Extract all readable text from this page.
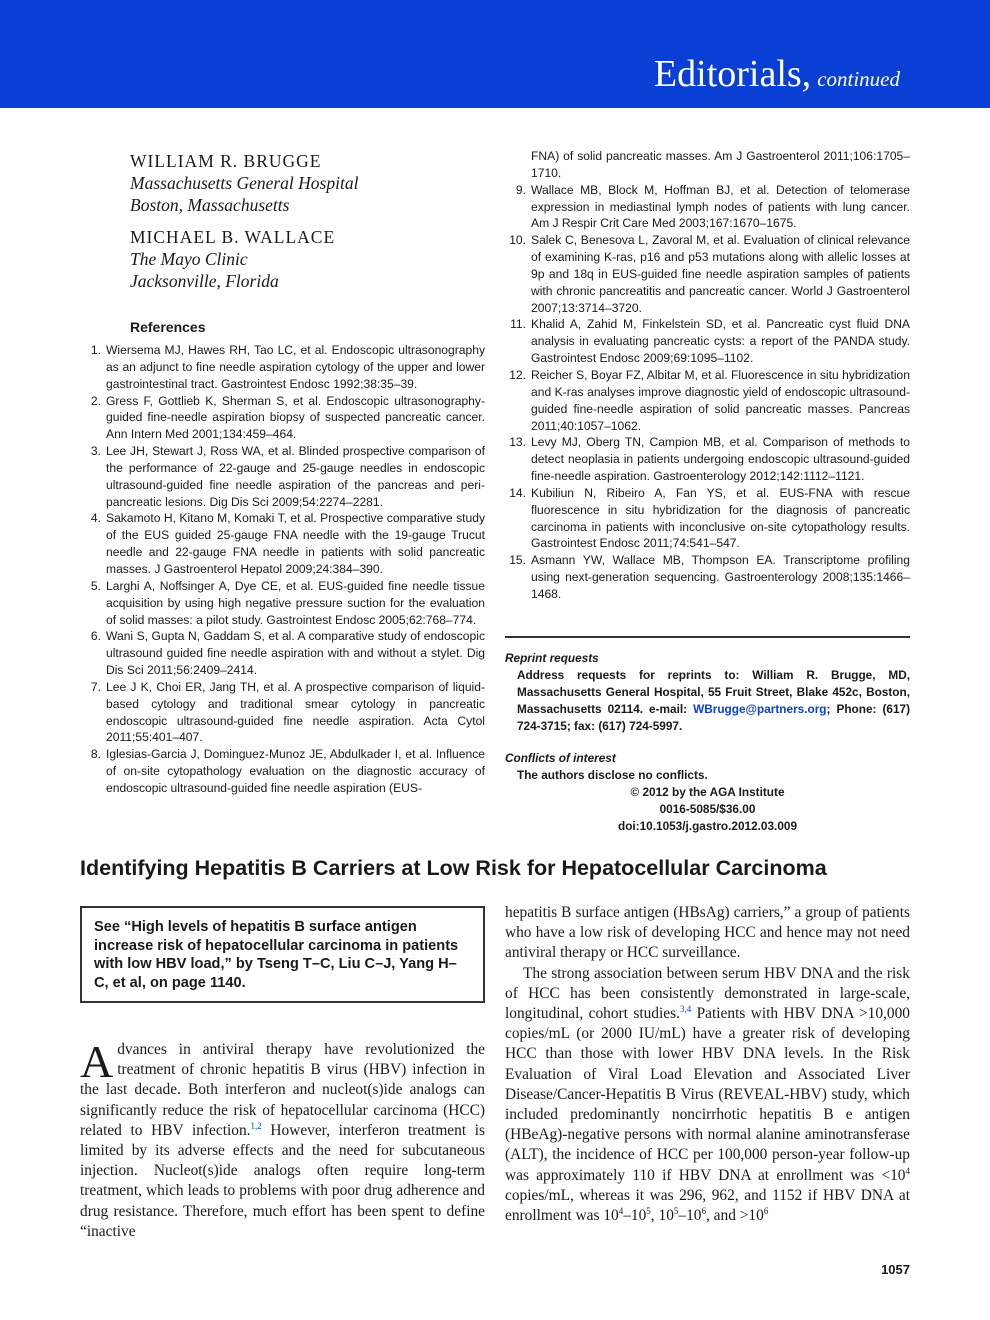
Editorials, continued
WILLIAM R. BRUGGE
Massachusetts General Hospital
Boston, Massachusetts
MICHAEL B. WALLACE
The Mayo Clinic
Jacksonville, Florida
References
1. Wiersema MJ, Hawes RH, Tao LC, et al. Endoscopic ultrasonography as an adjunct to fine needle aspiration cytology of the upper and lower gastrointestinal tract. Gastrointest Endosc 1992;38:35–39.
2. Gress F, Gottlieb K, Sherman S, et al. Endoscopic ultrasonography-guided fine-needle aspiration biopsy of suspected pancreatic cancer. Ann Intern Med 2001;134:459–464.
3. Lee JH, Stewart J, Ross WA, et al. Blinded prospective comparison of the performance of 22-gauge and 25-gauge needles in endoscopic ultrasound-guided fine needle aspiration of the pancreas and peri-pancreatic lesions. Dig Dis Sci 2009;54:2274–2281.
4. Sakamoto H, Kitano M, Komaki T, et al. Prospective comparative study of the EUS guided 25-gauge FNA needle with the 19-gauge Trucut needle and 22-gauge FNA needle in patients with solid pancreatic masses. J Gastroenterol Hepatol 2009;24:384–390.
5. Larghi A, Noffsinger A, Dye CE, et al. EUS-guided fine needle tissue acquisition by using high negative pressure suction for the evaluation of solid masses: a pilot study. Gastrointest Endosc 2005;62:768–774.
6. Wani S, Gupta N, Gaddam S, et al. A comparative study of endoscopic ultrasound guided fine needle aspiration with and without a stylet. Dig Dis Sci 2011;56:2409–2414.
7. Lee J K, Choi ER, Jang TH, et al. A prospective comparison of liquid-based cytology and traditional smear cytology in pancreatic endoscopic ultrasound-guided fine needle aspiration. Acta Cytol 2011;55:401–407.
8. Iglesias-Garcia J, Dominguez-Munoz JE, Abdulkader I, et al. Influence of on-site cytopathology evaluation on the diagnostic accuracy of endoscopic ultrasound-guided fine needle aspiration (EUS-
FNA) of solid pancreatic masses. Am J Gastroenterol 2011;106:1705–1710.
9. Wallace MB, Block M, Hoffman BJ, et al. Detection of telomerase expression in mediastinal lymph nodes of patients with lung cancer. Am J Respir Crit Care Med 2003;167:1670–1675.
10. Salek C, Benesova L, Zavoral M, et al. Evaluation of clinical relevance of examining K-ras, p16 and p53 mutations along with allelic losses at 9p and 18q in EUS-guided fine needle aspiration samples of patients with chronic pancreatitis and pancreatic cancer. World J Gastroenterol 2007;13:3714–3720.
11. Khalid A, Zahid M, Finkelstein SD, et al. Pancreatic cyst fluid DNA analysis in evaluating pancreatic cysts: a report of the PANDA study. Gastrointest Endosc 2009;69:1095–1102.
12. Reicher S, Boyar FZ, Albitar M, et al. Fluorescence in situ hybridization and K-ras analyses improve diagnostic yield of endoscopic ultrasound-guided fine-needle aspiration of solid pancreatic masses. Pancreas 2011;40:1057–1062.
13. Levy MJ, Oberg TN, Campion MB, et al. Comparison of methods to detect neoplasia in patients undergoing endoscopic ultrasound-guided fine-needle aspiration. Gastroenterology 2012;142:1112–1121.
14. Kubiliun N, Ribeiro A, Fan YS, et al. EUS-FNA with rescue fluorescence in situ hybridization for the diagnosis of pancreatic carcinoma in patients with inconclusive on-site cytopathology results. Gastrointest Endosc 2011;74:541–547.
15. Asmann YW, Wallace MB, Thompson EA. Transcriptome profiling using next-generation sequencing. Gastroenterology 2008;135:1466–1468.
Reprint requests
Address requests for reprints to: William R. Brugge, MD, Massachusetts General Hospital, 55 Fruit Street, Blake 452c, Boston, Massachusetts 02114. e-mail: WBrugge@partners.org; Phone: (617) 724-3715; fax: (617) 724-5997.
Conflicts of interest
The authors disclose no conflicts.
© 2012 by the AGA Institute
0016-5085/$36.00
doi:10.1053/j.gastro.2012.03.009
Identifying Hepatitis B Carriers at Low Risk for Hepatocellular Carcinoma
See “High levels of hepatitis B surface antigen increase risk of hepatocellular carcinoma in patients with low HBV load,” by Tseng T–C, Liu C–J, Yang H–C, et al, on page 1140.

Advances in antiviral therapy have revolutionized the treatment of chronic hepatitis B virus (HBV) infection in the last decade. Both interferon and nucleot(s)ide analogs can significantly reduce the risk of hepatocellular carcinoma (HCC) related to HBV infection.$^{1,2}$ However, interferon treatment is limited by its adverse effects and the need for subcutaneous injection. Nucleot(s)ide analogs often require long-term treatment, which leads to problems with poor drug adherence and drug resistance. Therefore, much effort has been spent to define “inactive

hepatitis B surface antigen (HBsAg) carriers,” a group of patients who have a low risk of developing HCC and hence may not need antiviral therapy or HCC surveillance.

The strong association between serum HBV DNA and the risk of HCC has been consistently demonstrated in large-scale, longitudinal, cohort studies.$^{3,4}$ Patients with HBV DNA >10,000 copies/mL (or 2000 IU/mL) have a greater risk of developing HCC than those with lower HBV DNA levels. In the Risk Evaluation of Viral Load Elevation and Associated Liver Disease/Cancer-Hepatitis B Virus (REVEAL-HBV) study, which included predominantly noncirrhotic hepatitis B e antigen (HBeAg)-negative persons with normal alanine aminotransferase (ALT), the incidence of HCC per 100,000 person-year follow-up was approximately 110 if HBV DNA at enrollment was $<10^4$ copies/mL, whereas it was 296, 962, and 1152 if HBV DNA at enrollment was $10^4-10^5$, $10^5-10^6$, and $>10^6$

1057
